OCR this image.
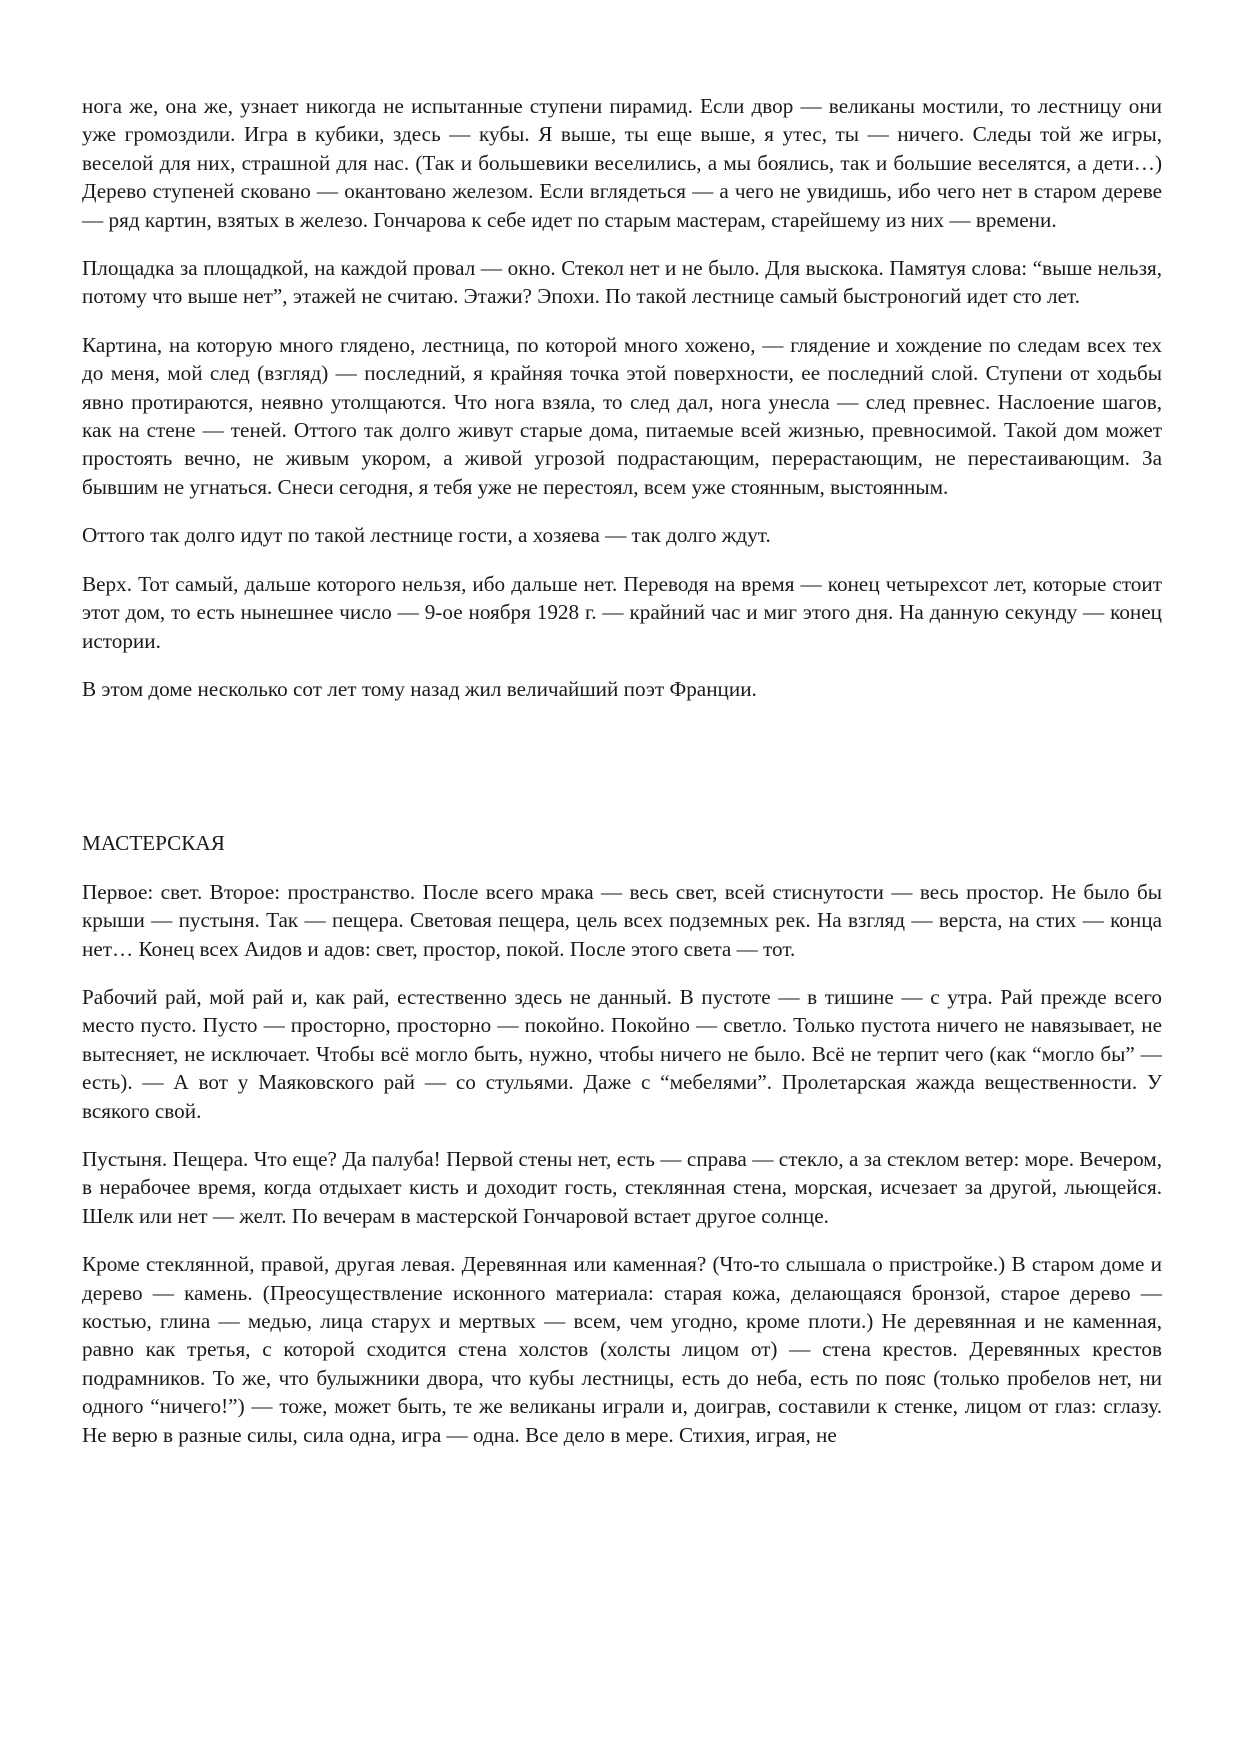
нога же, она же, узнает никогда не испытанные ступени пирамид. Если двор — великаны мостили, то лестницу они уже громоздили. Игра в кубики, здесь — кубы. Я выше, ты еще выше, я утес, ты — ничего. Следы той же игры, веселой для них, страшной для нас. (Так и большевики веселились, а мы боялись, так и большие веселятся, а дети…) Дерево ступеней сковано — окантовано железом. Если вглядеться — а чего не увидишь, ибо чего нет в старом дереве — ряд картин, взятых в железо. Гончарова к себе идет по старым мастерам, старейшему из них — времени.

Площадка за площадкой, на каждой провал — окно. Стекол нет и не было. Для выскока. Памятуя слова: “выше нельзя, потому что выше нет”, этажей не считаю. Этажи? Эпохи. По такой лестнице самый быстроногий идет сто лет.

Картина, на которую много глядено, лестница, по которой много хожено, — глядение и хождение по следам всех тех до меня, мой след (взгляд) — последний, я крайняя точка этой поверхности, ее последний слой. Ступени от ходьбы явно протираются, неявно утолщаются. Что нога взяла, то след дал, нога унесла — след превнес. Наслоение шагов, как на стене — теней. Оттого так долго живут старые дома, питаемые всей жизнью, превносимой. Такой дом может простоять вечно, не живым укором, а живой угрозой подрастающим, перерастающим, не перестаивающим. За бывшим не угнаться. Снеси сегодня, я тебя уже не перестоял, всем уже стоянным, выстоянным.

Оттого так долго идут по такой лестнице гости, а хозяева — так долго ждут.

Верх. Тот самый, дальше которого нельзя, ибо дальше нет. Переводя на время — конец четырехсот лет, которые стоит этот дом, то есть нынешнее число — 9-ое ноября 1928 г. — крайний час и миг этого дня. На данную секунду — конец истории.

В этом доме несколько сот лет тому назад жил величайший поэт Франции.

МАСТЕРСКАЯ

Первое: свет. Второе: пространство. После всего мрака — весь свет, всей стиснутости — весь простор. Не было бы крыши — пустыня. Так — пещера. Световая пещера, цель всех подземных рек. На взгляд — верста, на стих — конца нет… Конец всех Аидов и адов: свет, простор, покой. После этого света — тот.

Рабочий рай, мой рай и, как рай, естественно здесь не данный. В пустоте — в тишине — с утра. Рай прежде всего место пусто. Пусто — просторно, просторно — покойно. Покойно — светло. Только пустота ничего не навязывает, не вытесняет, не исключает. Чтобы всё могло быть, нужно, чтобы ничего не было. Всё не терпит чего (как “могло бы” — есть). — А вот у Маяковского рай — со стульями. Даже с “мебелями”. Пролетарская жажда вещественности. У всякого свой.

Пустыня. Пещера. Что еще? Да палуба! Первой стены нет, есть — справа — стекло, а за стеклом ветер: море. Вечером, в нерабочее время, когда отдыхает кисть и доходит гость, стеклянная стена, морская, исчезает за другой, льющейся. Шелк или нет — желт. По вечерам в мастерской Гончаровой встает другое солнце.

Кроме стеклянной, правой, другая левая. Деревянная или каменная? (Что-то слышала о пристройке.) В старом доме и дерево — камень. (Преосуществление исконного материала: старая кожа, делающаяся бронзой, старое дерево — костью, глина — медью, лица старух и мертвых — всем, чем угодно, кроме плоти.) Не деревянная и не каменная, равно как третья, с которой сходится стена холстов (холсты лицом от) — стена крестов. Деревянных крестов подрамников. То же, что булыжники двора, что кубы лестницы, есть до неба, есть по пояс (только пробелов нет, ни одного “ничего!”) — тоже, может быть, те же великаны играли и, доиграв, составили к стенке, лицом от глаз: сглазу. Не верю в разные силы, сила одна, игра — одна. Все дело в мере. Стихия, играя, не
